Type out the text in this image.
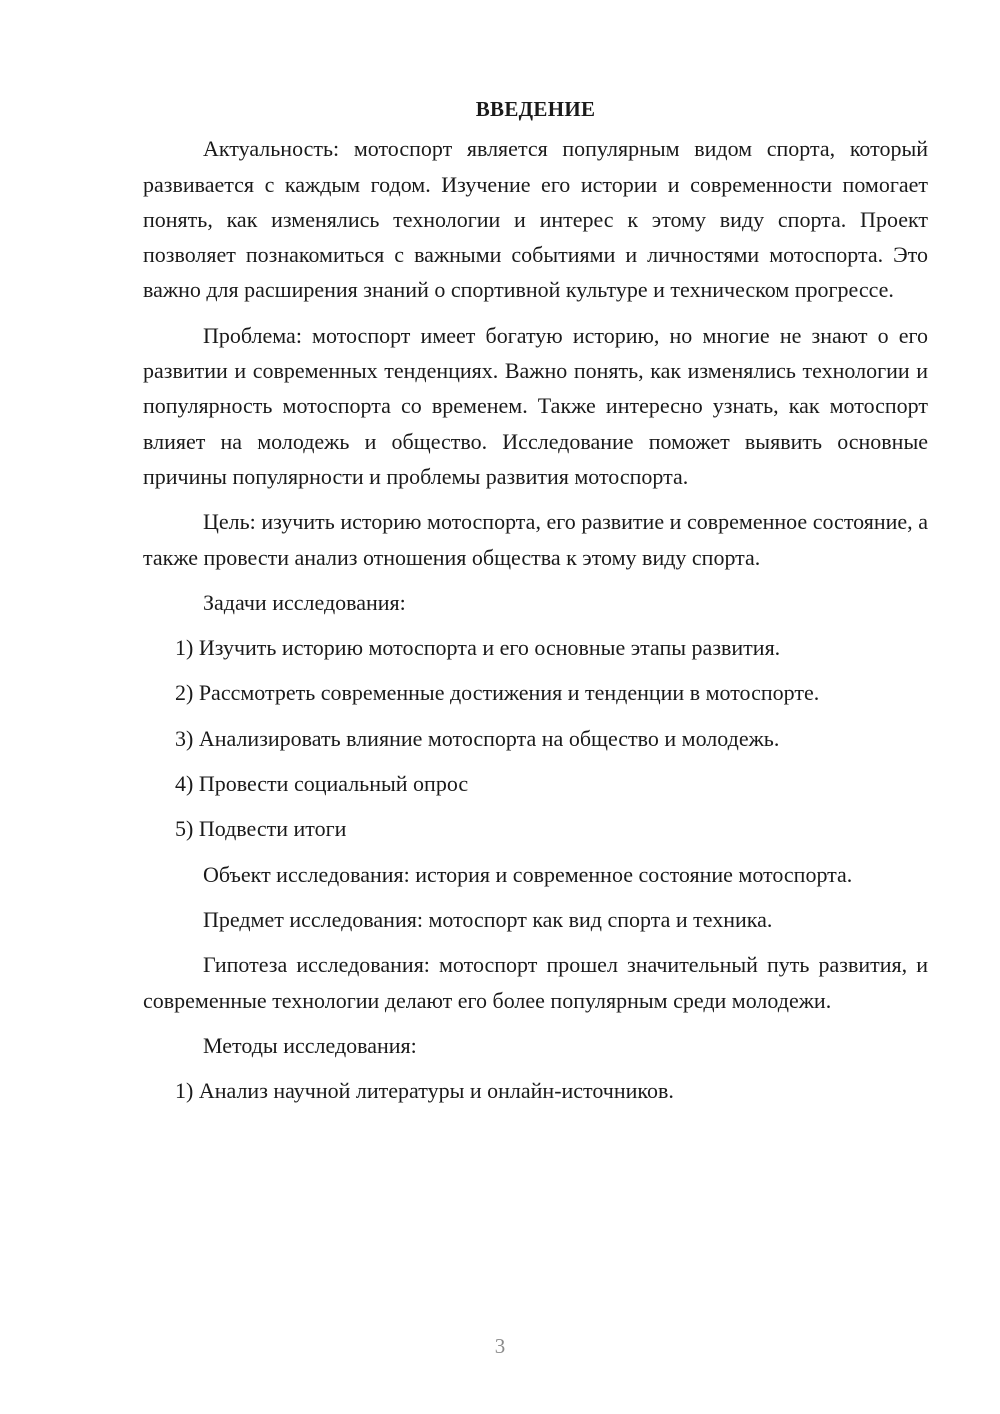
ВВЕДЕНИЕ

Актуальность: мотоспорт является популярным видом спорта, который развивается с каждым годом. Изучение его истории и современности помогает понять, как изменялись технологии и интерес к этому виду спорта. Проект позволяет познакомиться с важными событиями и личностями мотоспорта. Это важно для расширения знаний о спортивной культуре и техническом прогрессе.

Проблема: мотоспорт имеет богатую историю, но многие не знают о его развитии и современных тенденциях. Важно понять, как изменялись технологии и популярность мотоспорта со временем. Также интересно узнать, как мотоспорт влияет на молодежь и общество. Исследование поможет выявить основные причины популярности и проблемы развития мотоспорта.

Цель: изучить историю мотоспорта, его развитие и современное состояние, а также провести анализ отношения общества к этому виду спорта.

Задачи исследования:

1) Изучить историю мотоспорта и его основные этапы развития.

2) Рассмотреть современные достижения и тенденции в мотоспорте.

3) Анализировать влияние мотоспорта на общество и молодежь.

4) Провести социальный опрос

5) Подвести итоги

Объект исследования: история и современное состояние мотоспорта.

Предмет исследования: мотоспорт как вид спорта и техника.

Гипотеза исследования: мотоспорт прошел значительный путь развития, и современные технологии делают его более популярным среди молодежи.

Методы исследования:

1) Анализ научной литературы и онлайн-источников.

3
